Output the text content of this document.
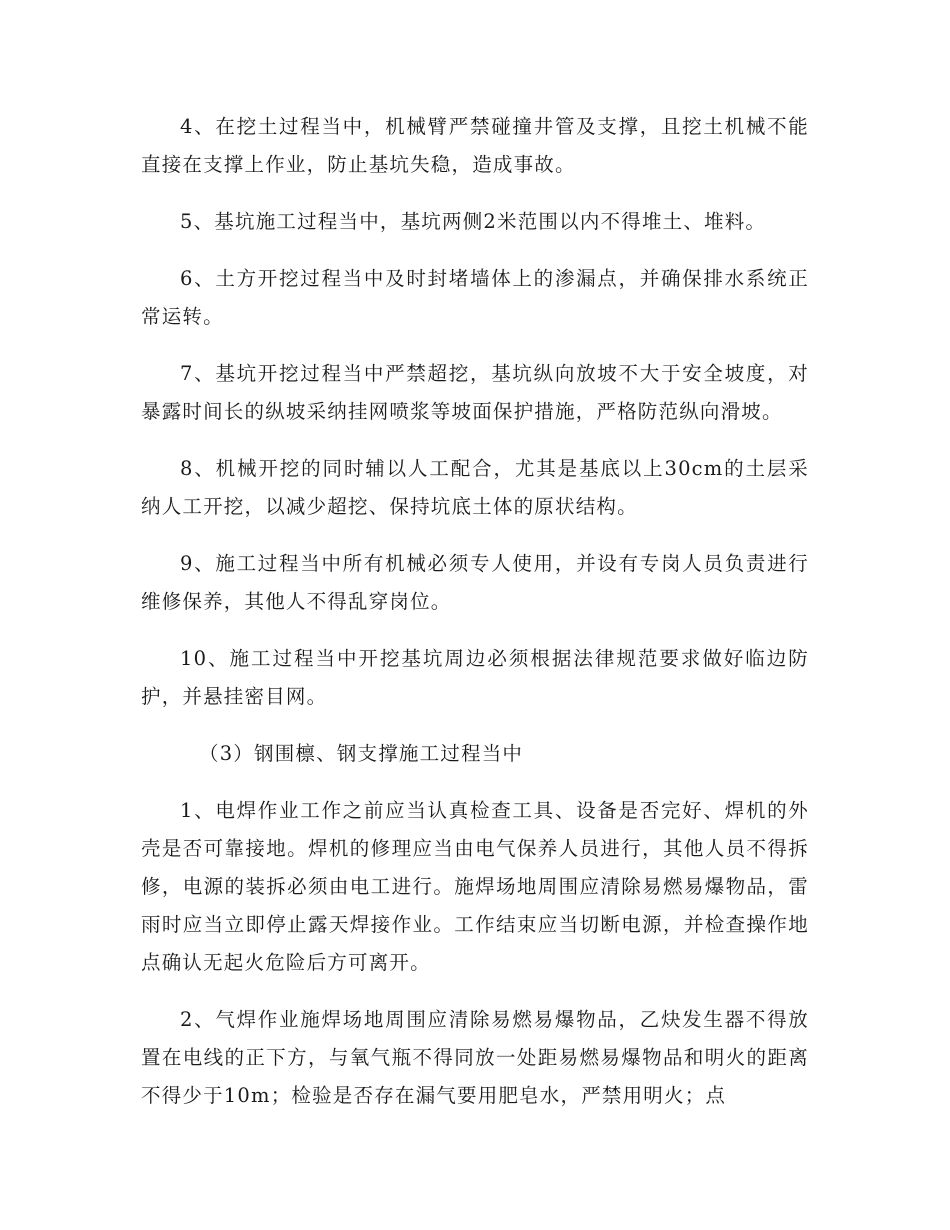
4、在挖土过程当中，机械臂严禁碰撞井管及支撑，且挖土机械不能直接在支撑上作业，防止基坑失稳，造成事故。

5、基坑施工过程当中，基坑两侧2米范围以内不得堆土、堆料。

6、土方开挖过程当中及时封堵墙体上的渗漏点，并确保排水系统正常运转。

7、基坑开挖过程当中严禁超挖，基坑纵向放坡不大于安全坡度，对暴露时间长的纵坡采纳挂网喷浆等坡面保护措施，严格防范纵向滑坡。

8、机械开挖的同时辅以人工配合，尤其是基底以上30cm的土层采纳人工开挖，以减少超挖、保持坑底土体的原状结构。

9、施工过程当中所有机械必须专人使用，并设有专岗人员负责进行维修保养，其他人不得乱穿岗位。

10、施工过程当中开挖基坑周边必须根据法律规范要求做好临边防护，并悬挂密目网。

（3）钢围檩、钢支撑施工过程当中

1、电焊作业工作之前应当认真检查工具、设备是否完好、焊机的外壳是否可靠接地。焊机的修理应当由电气保养人员进行，其他人员不得拆修，电源的装拆必须由电工进行。施焊场地周围应清除易燃易爆物品，雷雨时应当立即停止露天焊接作业。工作结束应当切断电源，并检查操作地点确认无起火危险后方可离开。

2、气焊作业施焊场地周围应清除易燃易爆物品，乙炔发生器不得放置在电线的正下方，与氧气瓶不得同放一处距易燃易爆物品和明火的距离不得少于10m；检验是否存在漏气要用肥皂水，严禁用明火；点
